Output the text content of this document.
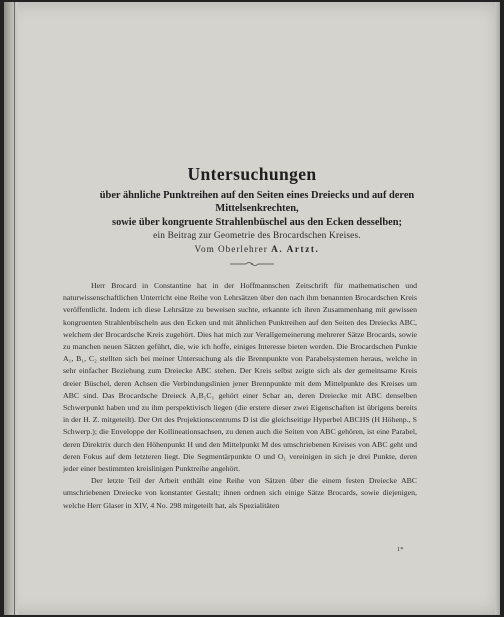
Untersuchungen
über ähnliche Punktreihen auf den Seiten eines Dreiecks und auf deren
Mittelsenkrechten,
sowie über kongruente Strahlenbüschel aus den Ecken desselben;
ein Beitrag zur Geometrie des Brocardschen Kreises.
Vom Oberlehrer A. Artzt.

Herr Brocard in Constantine hat in der Hoffmannschen Zeitschrift für mathematischen und naturwissenschaftlichen Unterricht eine Reihe von Lehrsätzen über den nach ihm benannten Brocardschen Kreis veröffentlicht. Indem ich diese Lehrsätze zu beweisen suchte, erkannte ich ihren Zusammenhang mit gewissen kongruenten Strahlenbüscheln aus den Ecken und mit ähnlichen Punktreihen auf den Seiten des Dreiecks ABC, welchem der Brocardsche Kreis zugehört. Dies hat mich zur Verallgemeinerung mehrerer Sätze Brocards, sowie zu manchen neuen Sätzen geführt, die, wie ich hoffe, einiges Interesse bieten werden. Die Brocardschen Punkte A₁, B₁, C₂ stellten sich bei meiner Untersuchung als die Brennpunkte von Parabelsystemen heraus, welche in sehr einfacher Beziehung zum Dreiecke ABC stehen. Der Kreis selbst zeigte sich als der gemeinsame Kreis dreier Büschel, deren Achsen die Verbindungslinien jener Brennpunkte mit dem Mittelpunkte des Kreises um ABC sind. Das Brocardsche Dreieck A₁B₁C₁ gehört einer Schar an, deren Dreiecke mit ABC denselben Schwerpunkt haben und zu ihm perspektivisch liegen (die erstere dieser zwei Eigenschaften ist übrigens bereits in der H. Z. mitgeteilt). Der Ort des Projektionscentrums D ist die gleichseitige Hyperbel ABCHS (H Höhenp., S Schwerp.); die Enveloppe der Kollineationsachsen, zu denen auch die Seiten von ABC gehören, ist eine Parabel, deren Direktrix durch den Höhenpunkt H und den Mittelpunkt M des umschriebenen Kreises von ABC geht und deren Fokus auf dem letzteren liegt. Die Segmentärpunkte O und O₁ vereinigen in sich je drei Punkte, deren jeder einer bestimmten kreislinigen Punktreihe angehört.

Der letzte Teil der Arbeit enthält eine Reihe von Sätzen über die einem festen Dreiecke ABC umschriebenen Dreiecke von konstanter Gestalt; ihnen ordnen sich einige Sätze Brocards, sowie diejenigen, welche Herr Glaser in XIV, 4 No. 298 mitgeteilt hat, als Spezialitäten

1*
